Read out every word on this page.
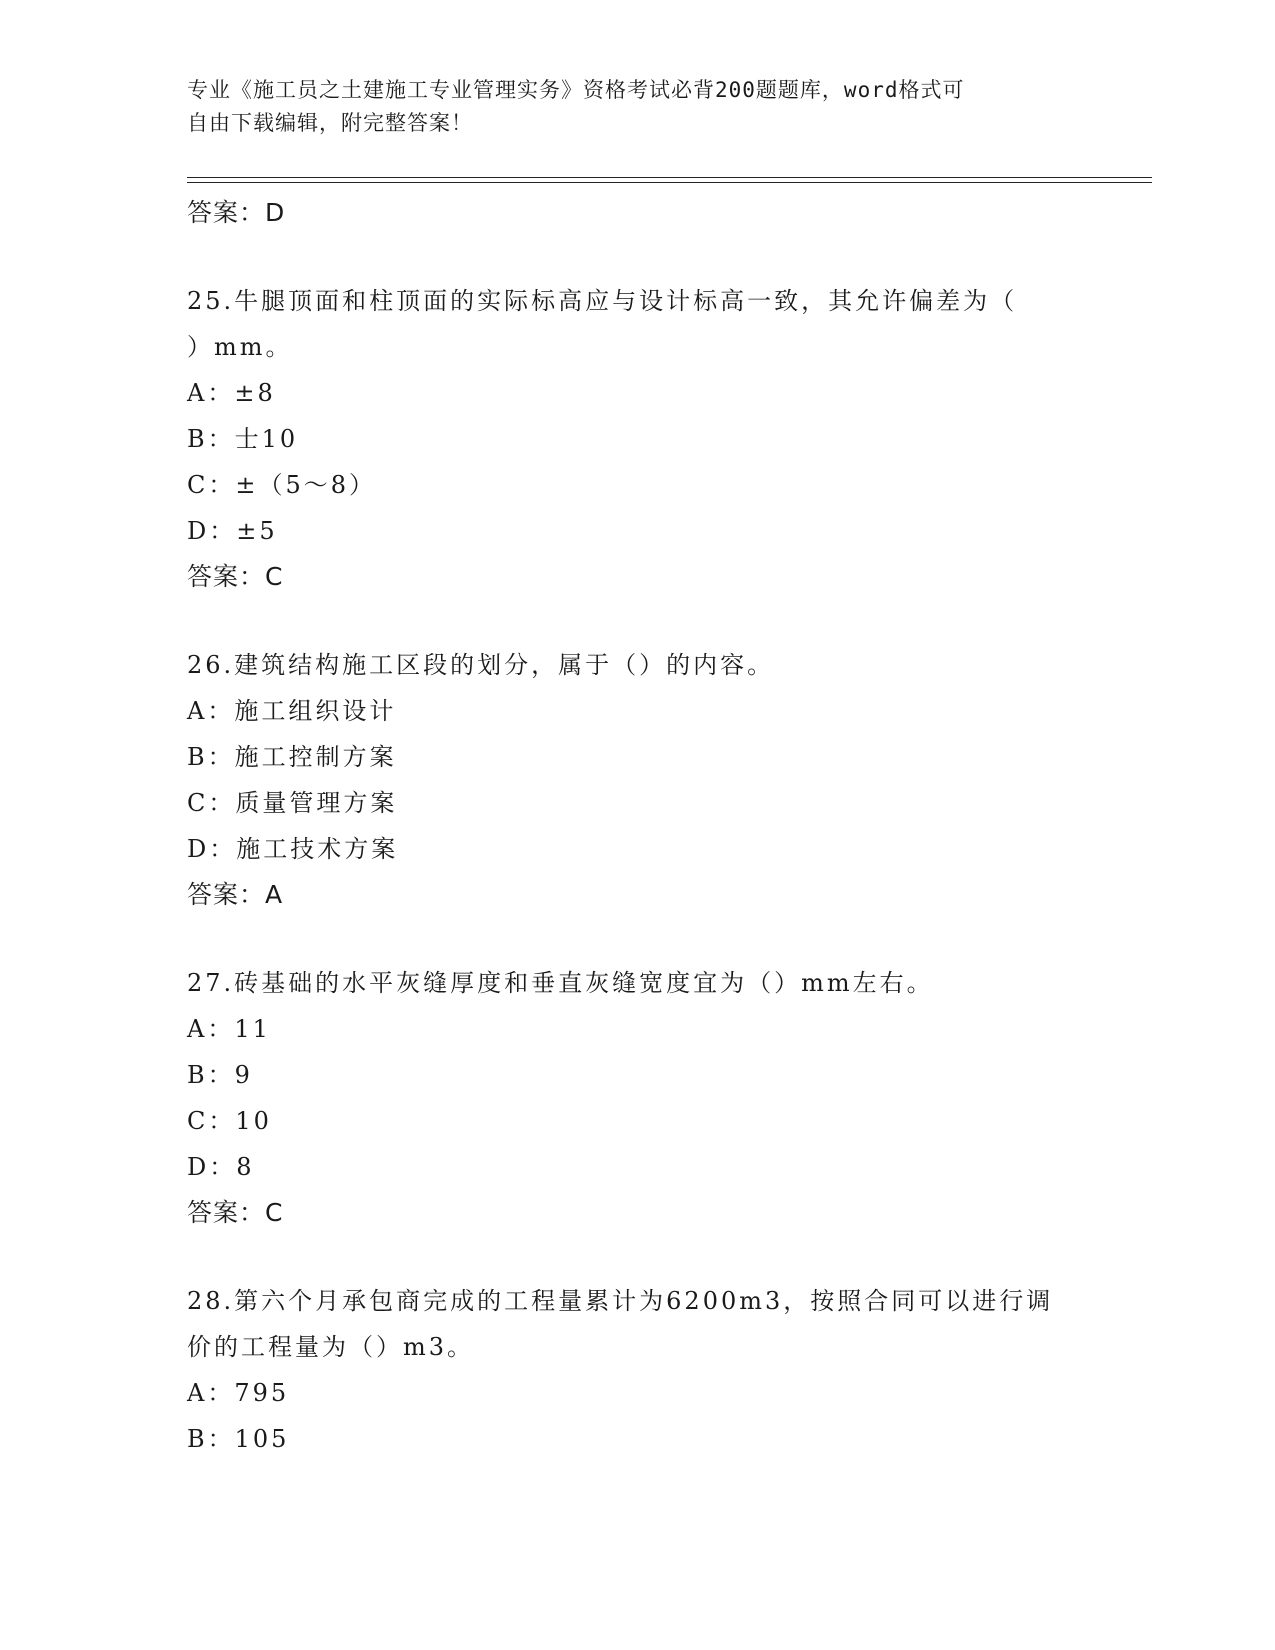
专业《施工员之土建施工专业管理实务》资格考试必背200题题库，word格式可
自由下载编辑，附完整答案！
答案：D

25.牛腿顶面和柱顶面的实际标高应与设计标高一致，其允许偏差为（

）mm。

A：±8

B：士10

C：±（5～8）

D：±5

答案：C

26.建筑结构施工区段的划分，属于（）的内容。

A：施工组织设计

B：施工控制方案

C：质量管理方案

D：施工技术方案

答案：A

27.砖基础的水平灰缝厚度和垂直灰缝宽度宜为（）mm左右。

A：11

B：9

C：10

D：8

答案：C

28.第六个月承包商完成的工程量累计为6200m3，按照合同可以进行调

价的工程量为（）m3。

A：795

B：105
